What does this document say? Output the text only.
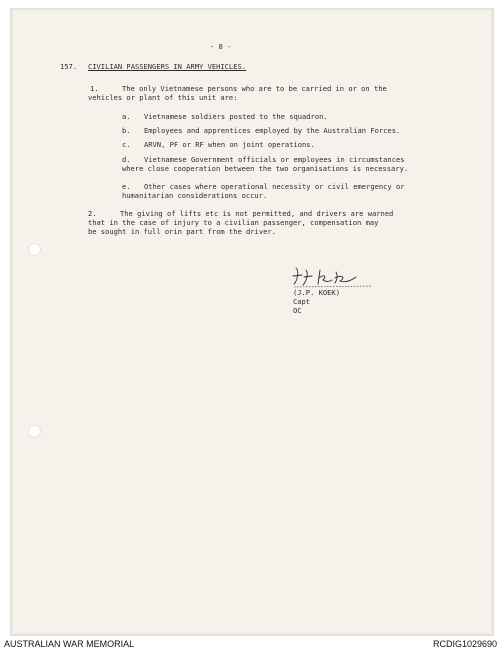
- 8 -
157. CIVILIAN PASSENGERS IN ARMY VEHICLES.
1.	The only Vietnamese persons who are to be carried in or on the
vehicles or plant of this unit are:
a. Vietnamese soldiers posted to the squadron.
b. Employees and apprentices employed by the Australian Forces.
c. ARVN, PF or RF when on joint operations.
d. Vietnamese Government officials or employees in circumstances
where close cooperation between the two organisations is necessary.
e. Other cases where operational necessity or civil emergency or
humanitarian considerations occur.
2.	The giving of lifts etc is not permitted, and drivers are warned
that in the case of injury to a civilian passenger, compensation may
be sought in full orin part from the driver.
(J.P. KOEK)
Capt
OC
AUSTRALIAN WAR MEMORIAL	RCDIG1029690
